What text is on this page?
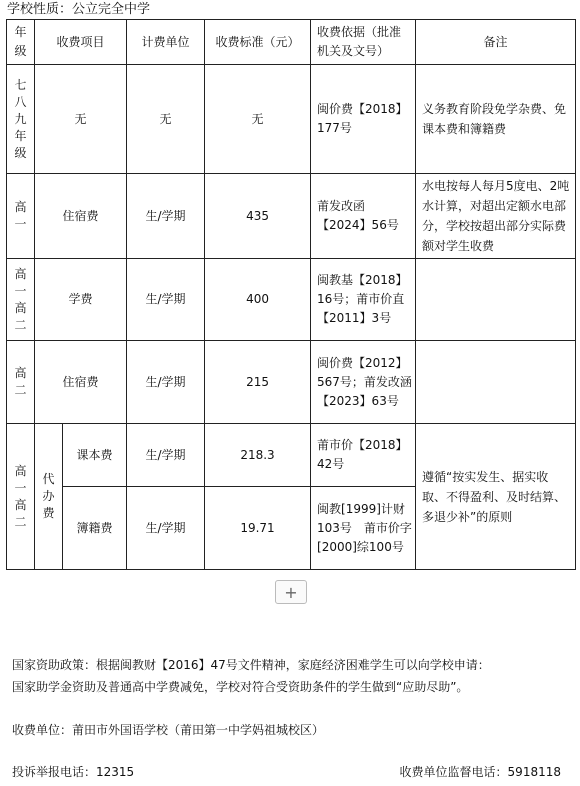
学校性质：公立完全中学
年级	收费项目		计费单位	收费标准（元）	收费依据（批准机关及文号）	备注
七八九年级	无		无	无	闽价费【2018】177号	义务教育阶段免学杂费、免课本费和簿籍费
高一	住宿费		生/学期	435	莆发改函【2024】56号	水电按每人每月5度电、2吨水计算，对超出定额水电部分，学校按超出部分实际费额对学生收费
高一高二	学费		生/学期	400	闽教基【2018】16号；莆市价直【2011】3号	
高二	住宿费		生/学期	215	闽价费【2012】567号；莆发改涵【2023】63号	
高一高二	代办费	课本费	生/学期	218.3	莆市价【2018】42号	遵循“按实发生、据实收取、不得盈利、及时结算、多退少补”的原则
		簿籍费	生/学期	19.71	闽教[1999]计财103号　莆市价字[2000]综100号	
+
国家资助政策：根据闽教财【2016】47号文件精神，家庭经济困难学生可以向学校申请：
国家助学金资助及普通高中学费减免，学校对符合受资助条件的学生做到“应助尽助”。
收费单位：莆田市外国语学校（莆田第一中学妈祖城校区）
投诉举报电话：12315	收费单位监督电话：5918118
